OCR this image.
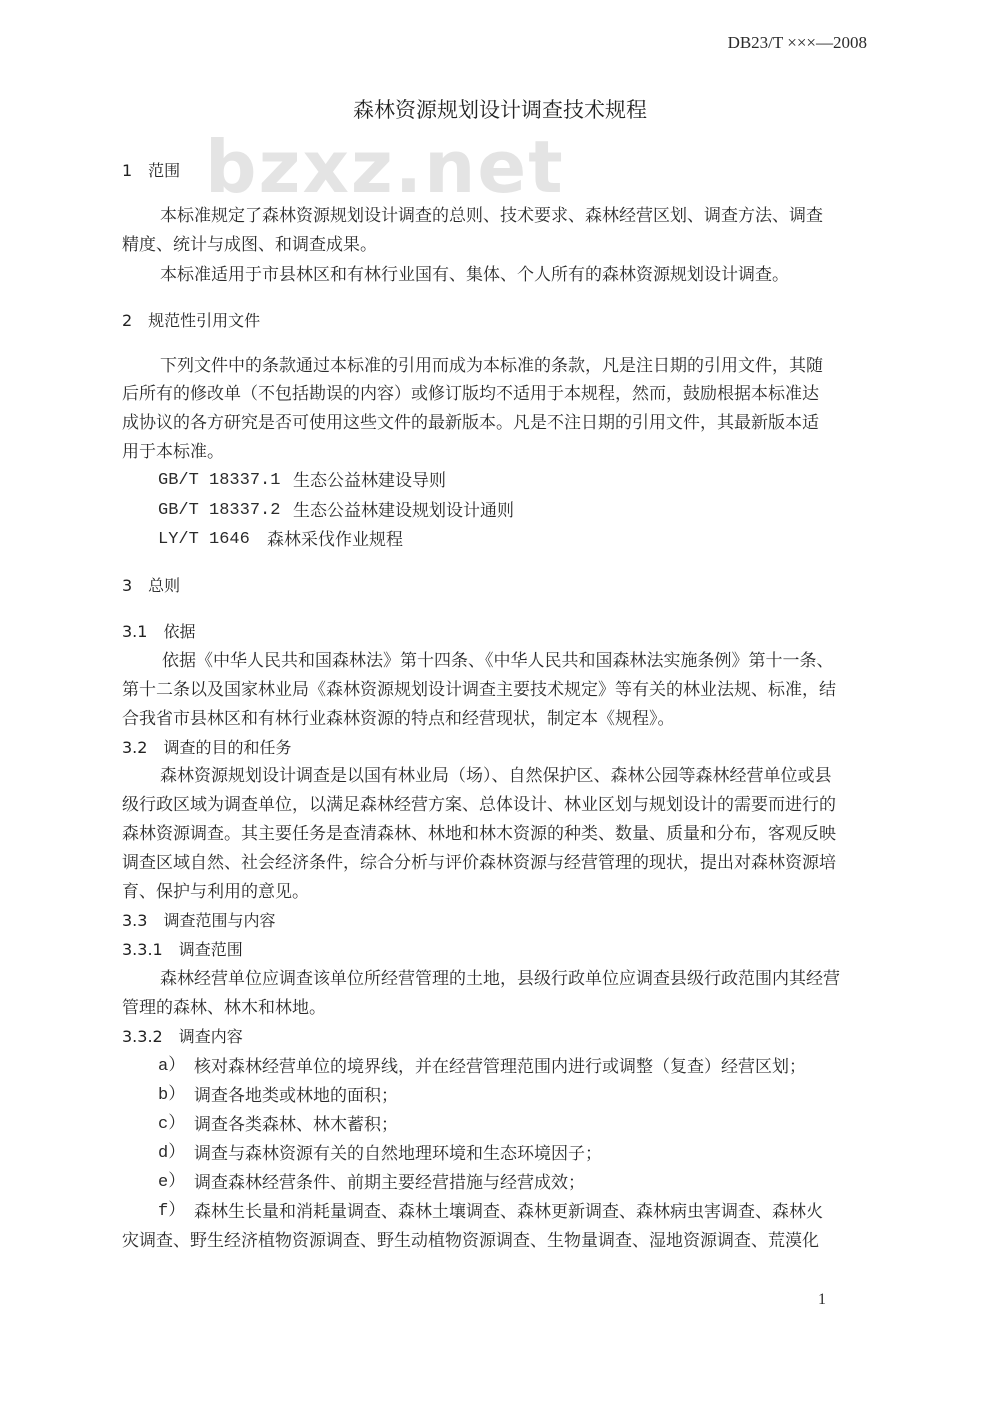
DB23/T ×××—2008
森林资源规划设计调查技术规程
bzxz.net
1
1　范围
本标准规定了森林资源规划设计调查的总则、技术要求、森林经营区划、调查方法、调查
精度、统计与成图、和调查成果。
本标准适用于市县林区和有林行业国有、集体、个人所有的森林资源规划设计调查。
2　规范性引用文件
下列文件中的条款通过本标准的引用而成为本标准的条款，凡是注日期的引用文件，其随
后所有的修改单（不包括勘误的内容）或修订版均不适用于本规程，然而，鼓励根据本标准达
成协议的各方研究是否可使用这些文件的最新版本。凡是不注日期的引用文件，其最新版本适
用于本标准。
GB/T 18337.1 生态公益林建设导则
GB/T 18337.2 生态公益林建设规划设计通则
LY/T 1646 森林采伐作业规程
3　总则
3.1　依据
依据《中华人民共和国森林法》第十四条、《中华人民共和国森林法实施条例》第十一条、
第十二条以及国家林业局《森林资源规划设计调查主要技术规定》等有关的林业法规、标准，结
合我省市县林区和有林行业森林资源的特点和经营现状，制定本《规程》。
3.2　调查的目的和任务
森林资源规划设计调查是以国有林业局（场）、自然保护区、森林公园等森林经营单位或县
级行政区域为调查单位，以满足森林经营方案、总体设计、林业区划与规划设计的需要而进行的
森林资源调查。其主要任务是查清森林、林地和林木资源的种类、数量、质量和分布，客观反映
调查区域自然、社会经济条件，综合分析与评价森林资源与经营管理的现状，提出对森林资源培
育、保护与利用的意见。
3.3　调查范围与内容
3.3.1　调查范围
森林经营单位应调查该单位所经营管理的土地，县级行政单位应调查县级行政范围内其经营
管理的森林、林木和林地。
3.3.2　调查内容
a） 核对森林经营单位的境界线，并在经营管理范围内进行或调整（复查）经营区划；
b） 调查各地类或林地的面积；
c） 调查各类森林、林木蓄积；
d） 调查与森林资源有关的自然地理环境和生态环境因子；
e） 调查森林经营条件、前期主要经营措施与经营成效；
f） 森林生长量和消耗量调查、森林土壤调查、森林更新调查、森林病虫害调查、森林火
灾调查、野生经济植物资源调查、野生动植物资源调查、生物量调查、湿地资源调查、荒漠化
